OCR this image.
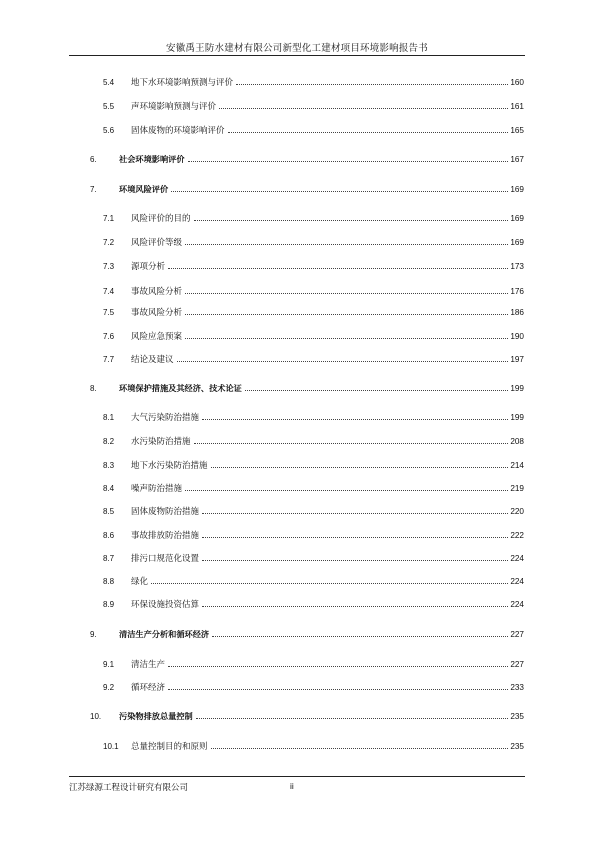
安徽禹王防水建材有限公司新型化工建材项目环境影响报告书
5.4 地下水环境影响预测与评价	160
5.5 声环境影响预测与评价	161
5.6 固体废物的环境影响评价	165
6.	社会环境影响评价	167
7.	环境风险评价	169
7.1 风险评价的目的	169
7.2 风险评价等级	169
7.3 源项分析	173
7.4 事故风险分析	176
7.5 事故风险分析	186
7.6 风险应急预案	190
7.7 结论及建议	197
8.	环境保护措施及其经济、技术论证	199
8.1 大气污染防治措施	199
8.2 水污染防治措施	208
8.3 地下水污染防治措施	214
8.4 噪声防治措施	219
8.5 固体废物防治措施	220
8.6 事故排放防治措施	222
8.7 排污口规范化设置	224
8.8 绿化	224
8.9 环保设施投资估算	224
9.	清洁生产分析和循环经济	227
9.1 清洁生产	227
9.2 循环经济	233
10. 污染物排放总量控制	235
10.1 总量控制目的和原则	235
江苏绿源工程设计研究有限公司	ii
